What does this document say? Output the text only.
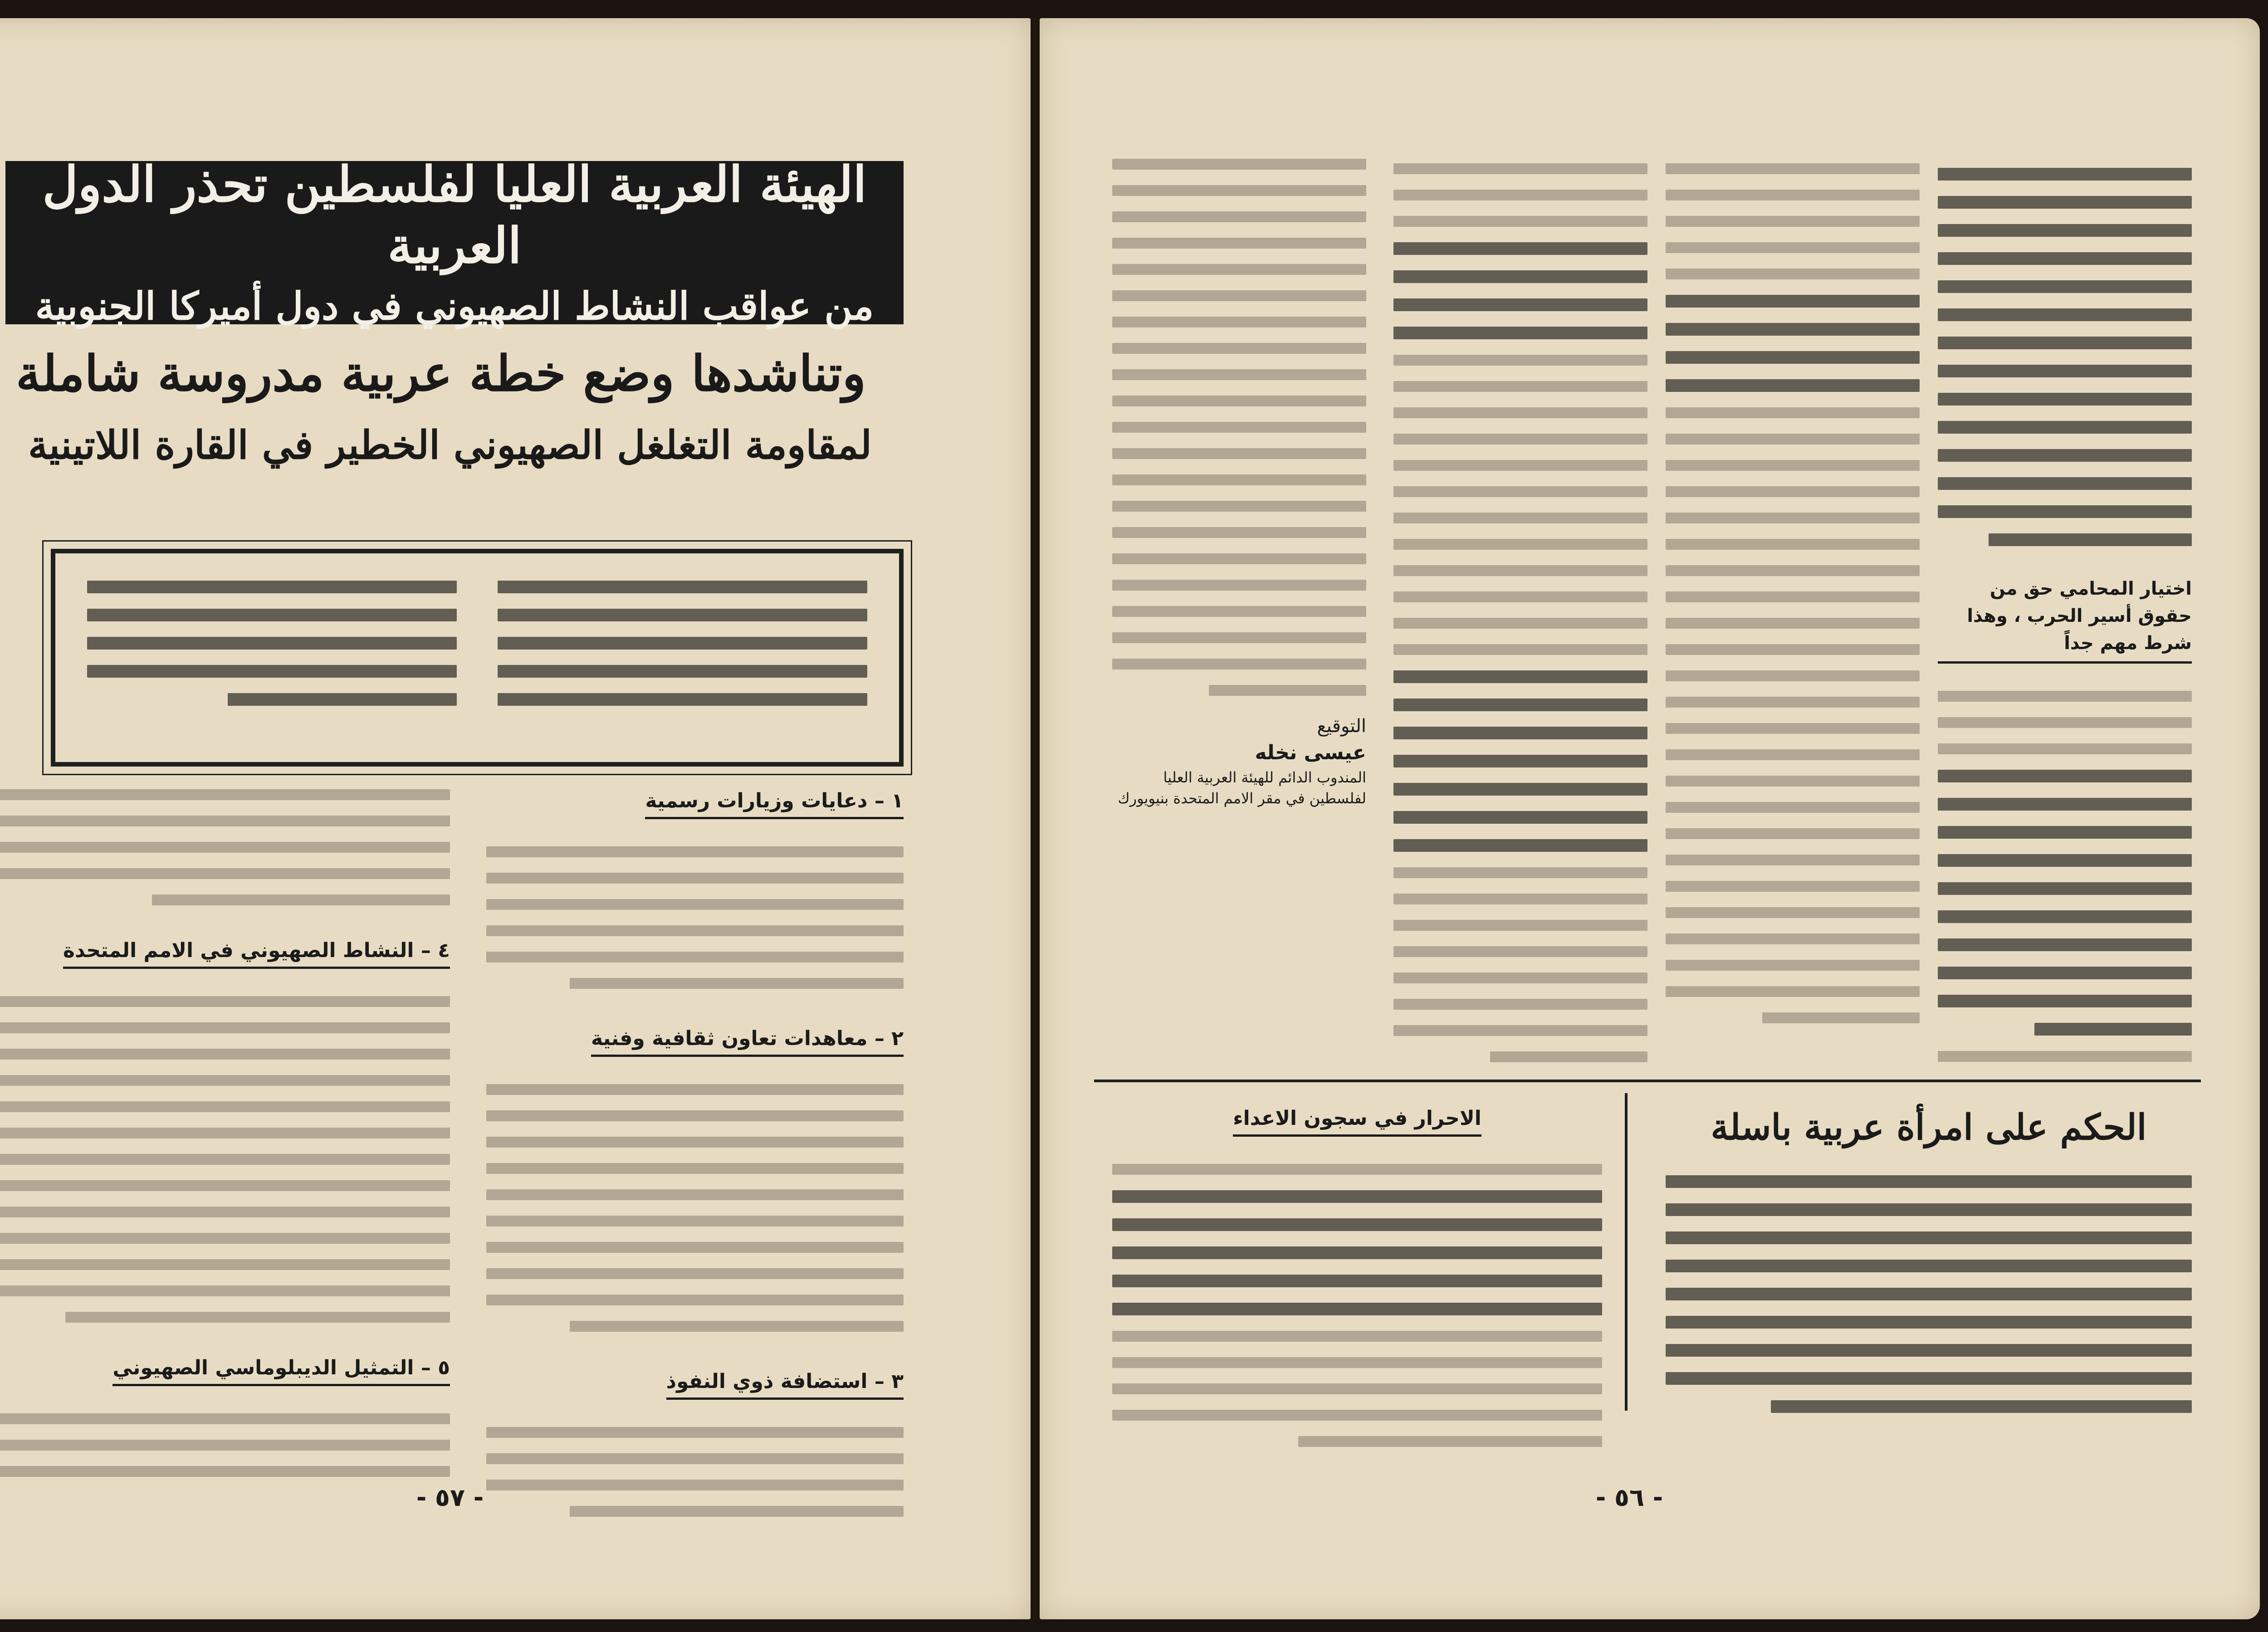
الهيئة العربية العليا لفلسطين تحذر الدول العربية
من عواقب النشاط الصهيوني في دول أميركا الجنوبية
وتناشدها وضع خطة عربية مدروسة شاملة
لمقاومة التغلغل الصهيوني الخطير في القارة اللاتينية
١ – دعايات وزيارات رسمية
٢ – معاهدات تعاون ثقافية وفنية
٣ – استضافة ذوي النفوذ
٤ – النشاط الصهيوني في الامم المتحدة
٥ – التمثيل الديبلوماسي الصهيوني
- ٥٧ -
التوقيع
عيسى نخله
المندوب الدائم للهيئة العربية العليا
لفلسطين في مقر الامم المتحدة بنيويورك
اختيار المحامي حق من حقوق أسير الحرب ، وهذا شرط مهم جداً
الاحرار في سجون الاعداء	الحكم على امرأة عربية باسلة
- ٥٦ -
